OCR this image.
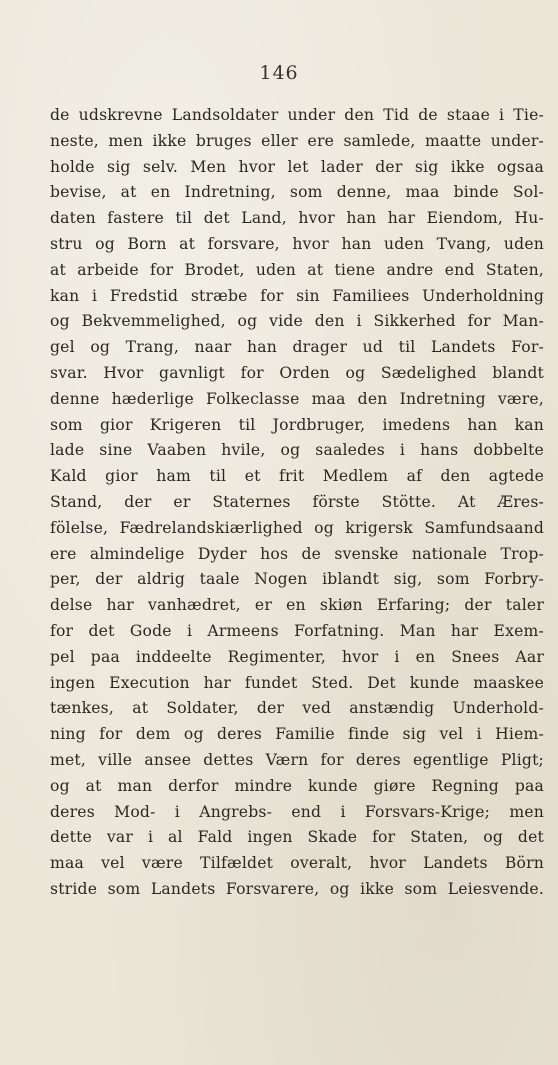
146
de udskrevne Landsoldater under den Tid de staae i Tie-
neste, men ikke bruges eller ere samlede, maatte under-
holde sig selv. Men hvor let lader der sig ikke ogsaa
bevise, at en Indretning, som denne, maa binde Sol-
daten fastere til det Land, hvor han har Eiendom, Hu-
stru og Born at forsvare, hvor han uden Tvang, uden
at arbeide for Brodet, uden at tiene andre end Staten,
kan i Fredstid stræbe for sin Familiees Underholdning
og Bekvemmelighed, og vide den i Sikkerhed for Man-
gel og Trang, naar han drager ud til Landets For-
svar. Hvor gavnligt for Orden og Sædelighed blandt
denne hæderlige Folkeclasse maa den Indretning være,
som gior Krigeren til Jordbruger, imedens han kan
lade sine Vaaben hvile, og saaledes i hans dobbelte
Kald gior ham til et frit Medlem af den agtede
Stand, der er Staternes förste Stötte. At Æres-
fölelse, Fædrelandskiærlighed og krigersk Samfundsaand
ere almindelige Dyder hos de svenske nationale Trop-
per, der aldrig taale Nogen iblandt sig, som Forbry-
delse har vanhædret, er en skiøn Erfaring; der taler
for det Gode i Armeens Forfatning. Man har Exem-
pel paa inddeelte Regimenter, hvor i en Snees Aar
ingen Execution har fundet Sted. Det kunde maaskee
tænkes, at Soldater, der ved anstændig Underhold-
ning for dem og deres Familie finde sig vel i Hiem-
met, ville ansee dettes Værn for deres egentlige Pligt;
og at man derfor mindre kunde giøre Regning paa
deres Mod- i Angrebs- end i Forsvars-Krige; men
dette var i al Fald ingen Skade for Staten, og det
maa vel være Tilfældet overalt, hvor Landets Börn
stride som Landets Forsvarere, og ikke som Leiesvende.
